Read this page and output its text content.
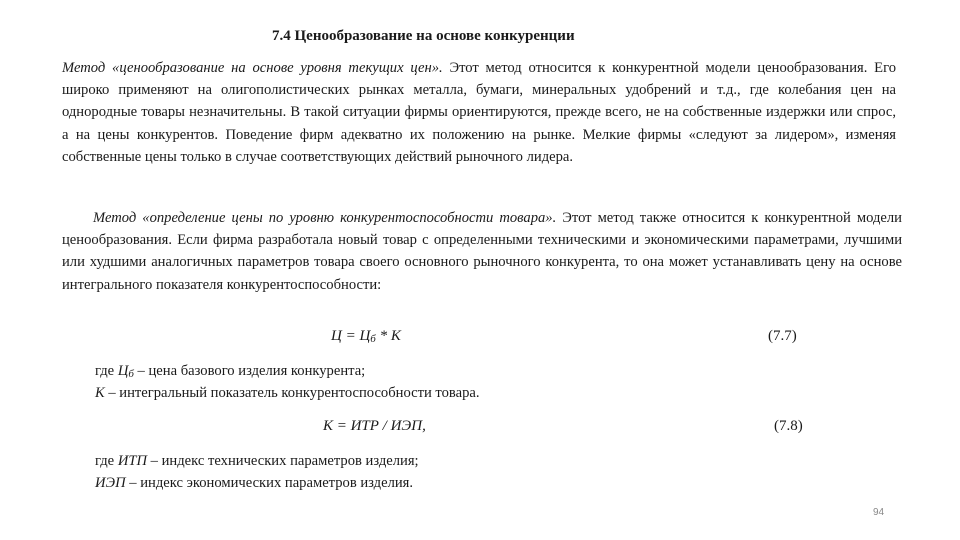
7.4 Ценообразование на основе конкуренции
Метод «ценообразование на основе уровня текущих цен». Этот метод относится к конкурентной модели ценообразования. Его широко применяют на олигополистических рынках металла, бумаги, минеральных удобрений и т.д., где колебания цен на однородные товары незначительны. В такой ситуации фирмы ориентируются, прежде всего, не на собственные издержки или спрос, а на цены конкурентов. Поведение фирм адекватно их положению на рынке. Мелкие фирмы «следуют за лидером», изменяя собственные цены только в случае соответствующих действий рыночного лидера.
Метод «определение цены по уровню конкурентоспособности товара». Этот метод также относится к конкурентной модели ценообразования. Если фирма разработала новый товар с определенными техническими и экономическими параметрами, лучшими или худшими аналогичных параметров товара своего основного рыночного конкурента, то она может устанавливать цену на основе интегрального показателя конкурентоспособности:
$Ц = Ц_б * К$	(7.7)
где $Ц_б$ – цена базового изделия конкурента;
К – интегральный показатель конкурентоспособности товара.
К = ИТР / ИЭП,	(7.8)
где ИТП – индекс технических параметров изделия;
ИЭП – индекс экономических параметров изделия.
94
